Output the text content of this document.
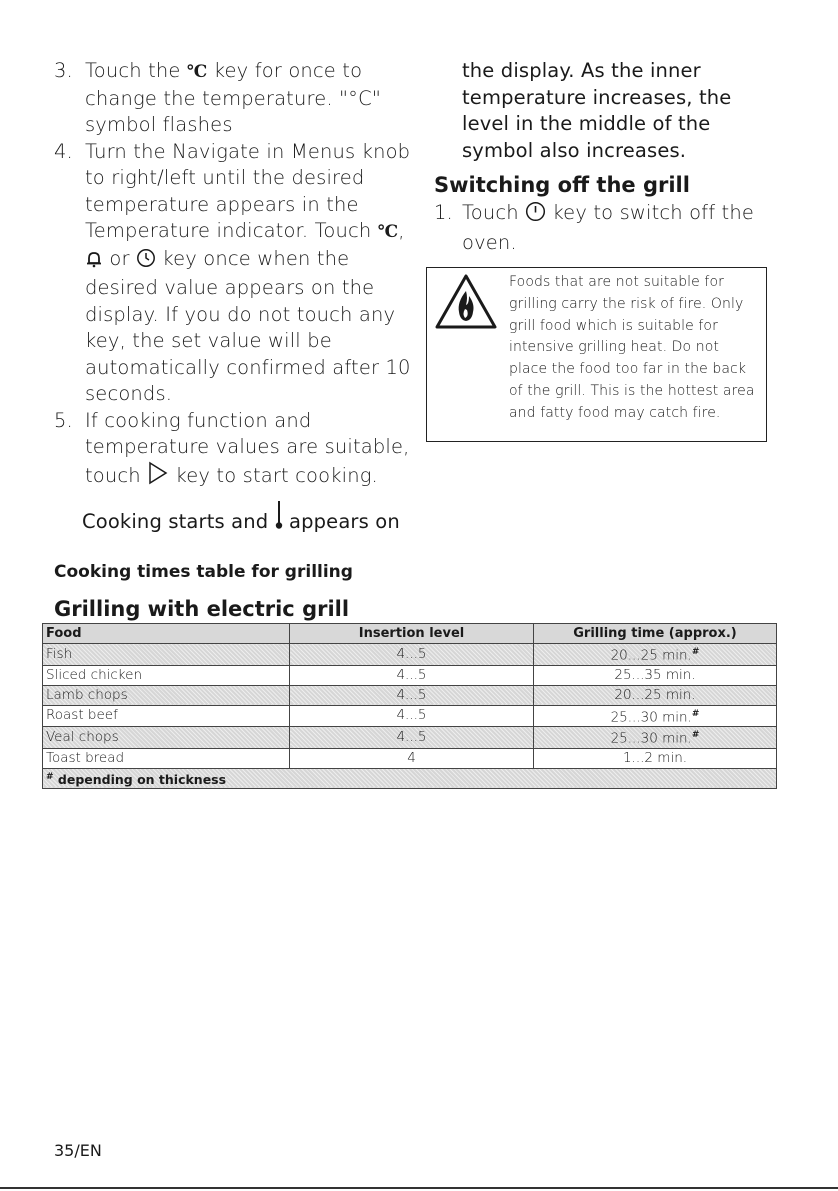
3. Touch the ℃ key for once to change the temperature. "°C" symbol flashes
4. Turn the Navigate in Menus knob to right/left until the desired temperature appears in the Temperature indicator. Touch ℃, or key once when the desired value appears on the display. If you do not touch any key, the set value will be automatically confirmed after 10 seconds.
5. If cooking function and temperature values are suitable, touch key to start cooking.
Cooking starts and appears on
the display. As the inner temperature increases, the level in the middle of the symbol also increases.
Switching off the grill
1. Touch key to switch off the oven.
Foods that are not suitable for grilling carry the risk of fire. Only grill food which is suitable for intensive grilling heat. Do not place the food too far in the back of the grill. This is the hottest area and fatty food may catch fire.
Cooking times table for grilling
Grilling with electric grill
Food	Insertion level	Grilling time (approx.)
Fish	4...5	20...25 min.#
Sliced chicken	4...5	25...35 min.
Lamb chops	4...5	20...25 min.
Roast beef	4...5	25...30 min.#
Veal chops	4...5	25...30 min.#
Toast bread	4	1...2 min.
# depending on thickness		
35/EN
